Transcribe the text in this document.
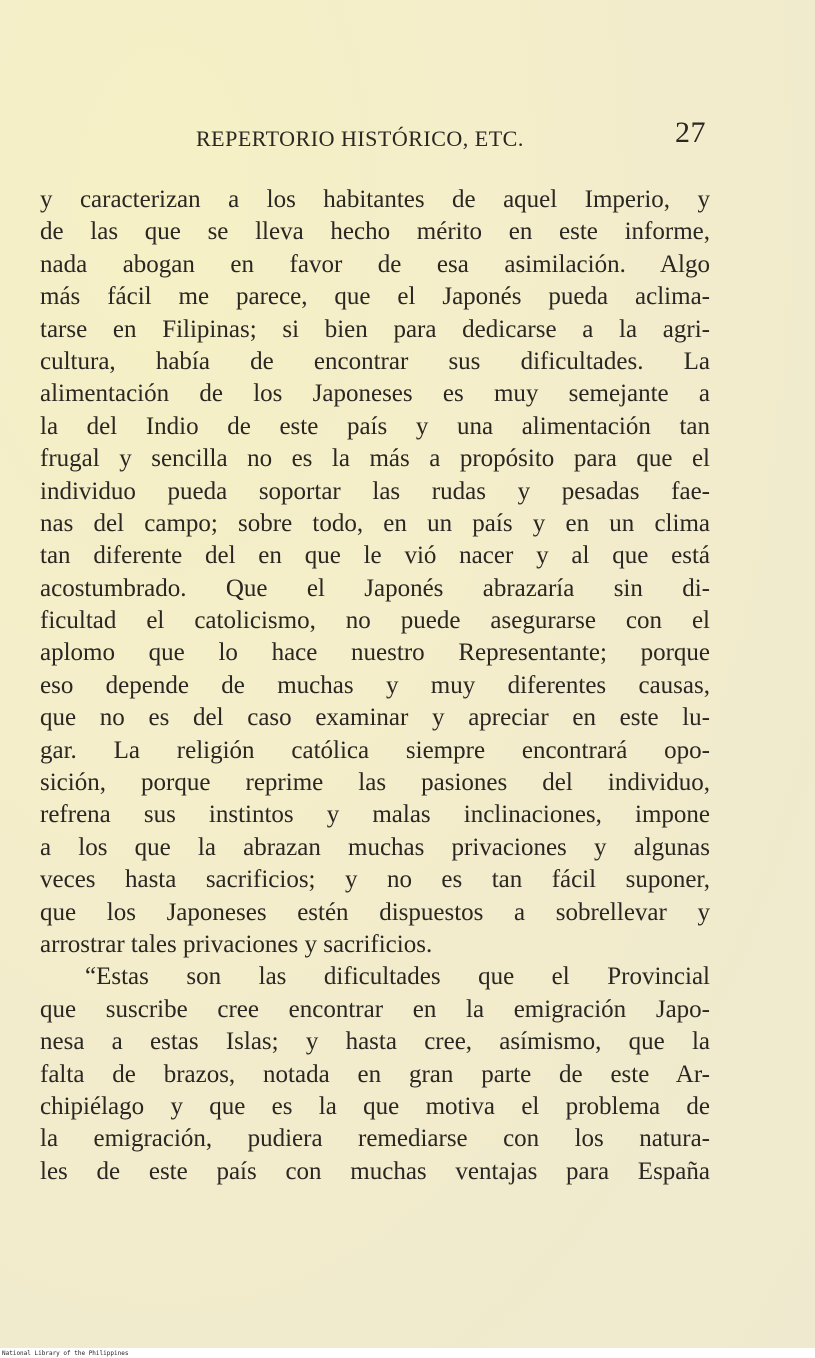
REPERTORIO HISTÓRICO, ETC.	27
y caracterizan a los habitantes de aquel Imperio, y
de las que se lleva hecho mérito en este informe,
nada abogan en favor de esa asimilación. Algo
más fácil me parece, que el Japonés pueda aclima-
tarse en Filipinas; si bien para dedicarse a la agri-
cultura, había de encontrar sus dificultades. La
alimentación de los Japoneses es muy semejante a
la del Indio de este país y una alimentación tan
frugal y sencilla no es la más a propósito para que el
individuo pueda soportar las rudas y pesadas fae-
nas del campo; sobre todo, en un país y en un clima
tan diferente del en que le vió nacer y al que está
acostumbrado. Que el Japonés abrazaría sin di-
ficultad el catolicismo, no puede asegurarse con el
aplomo que lo hace nuestro Representante; porque
eso depende de muchas y muy diferentes causas,
que no es del caso examinar y apreciar en este lu-
gar. La religión católica siempre encontrará opo-
sición, porque reprime las pasiones del individuo,
refrena sus instintos y malas inclinaciones, impone
a los que la abrazan muchas privaciones y algunas
veces hasta sacrificios; y no es tan fácil suponer,
que los Japoneses estén dispuestos a sobrellevar y
arrostrar tales privaciones y sacrificios.
“Estas son las dificultades que el Provincial
que suscribe cree encontrar en la emigración Japo-
nesa a estas Islas; y hasta cree, asímismo, que la
falta de brazos, notada en gran parte de este Ar-
chipiélago y que es la que motiva el problema de
la emigración, pudiera remediarse con los natura-
les de este país con muchas ventajas para España
National Library of the Philippines
